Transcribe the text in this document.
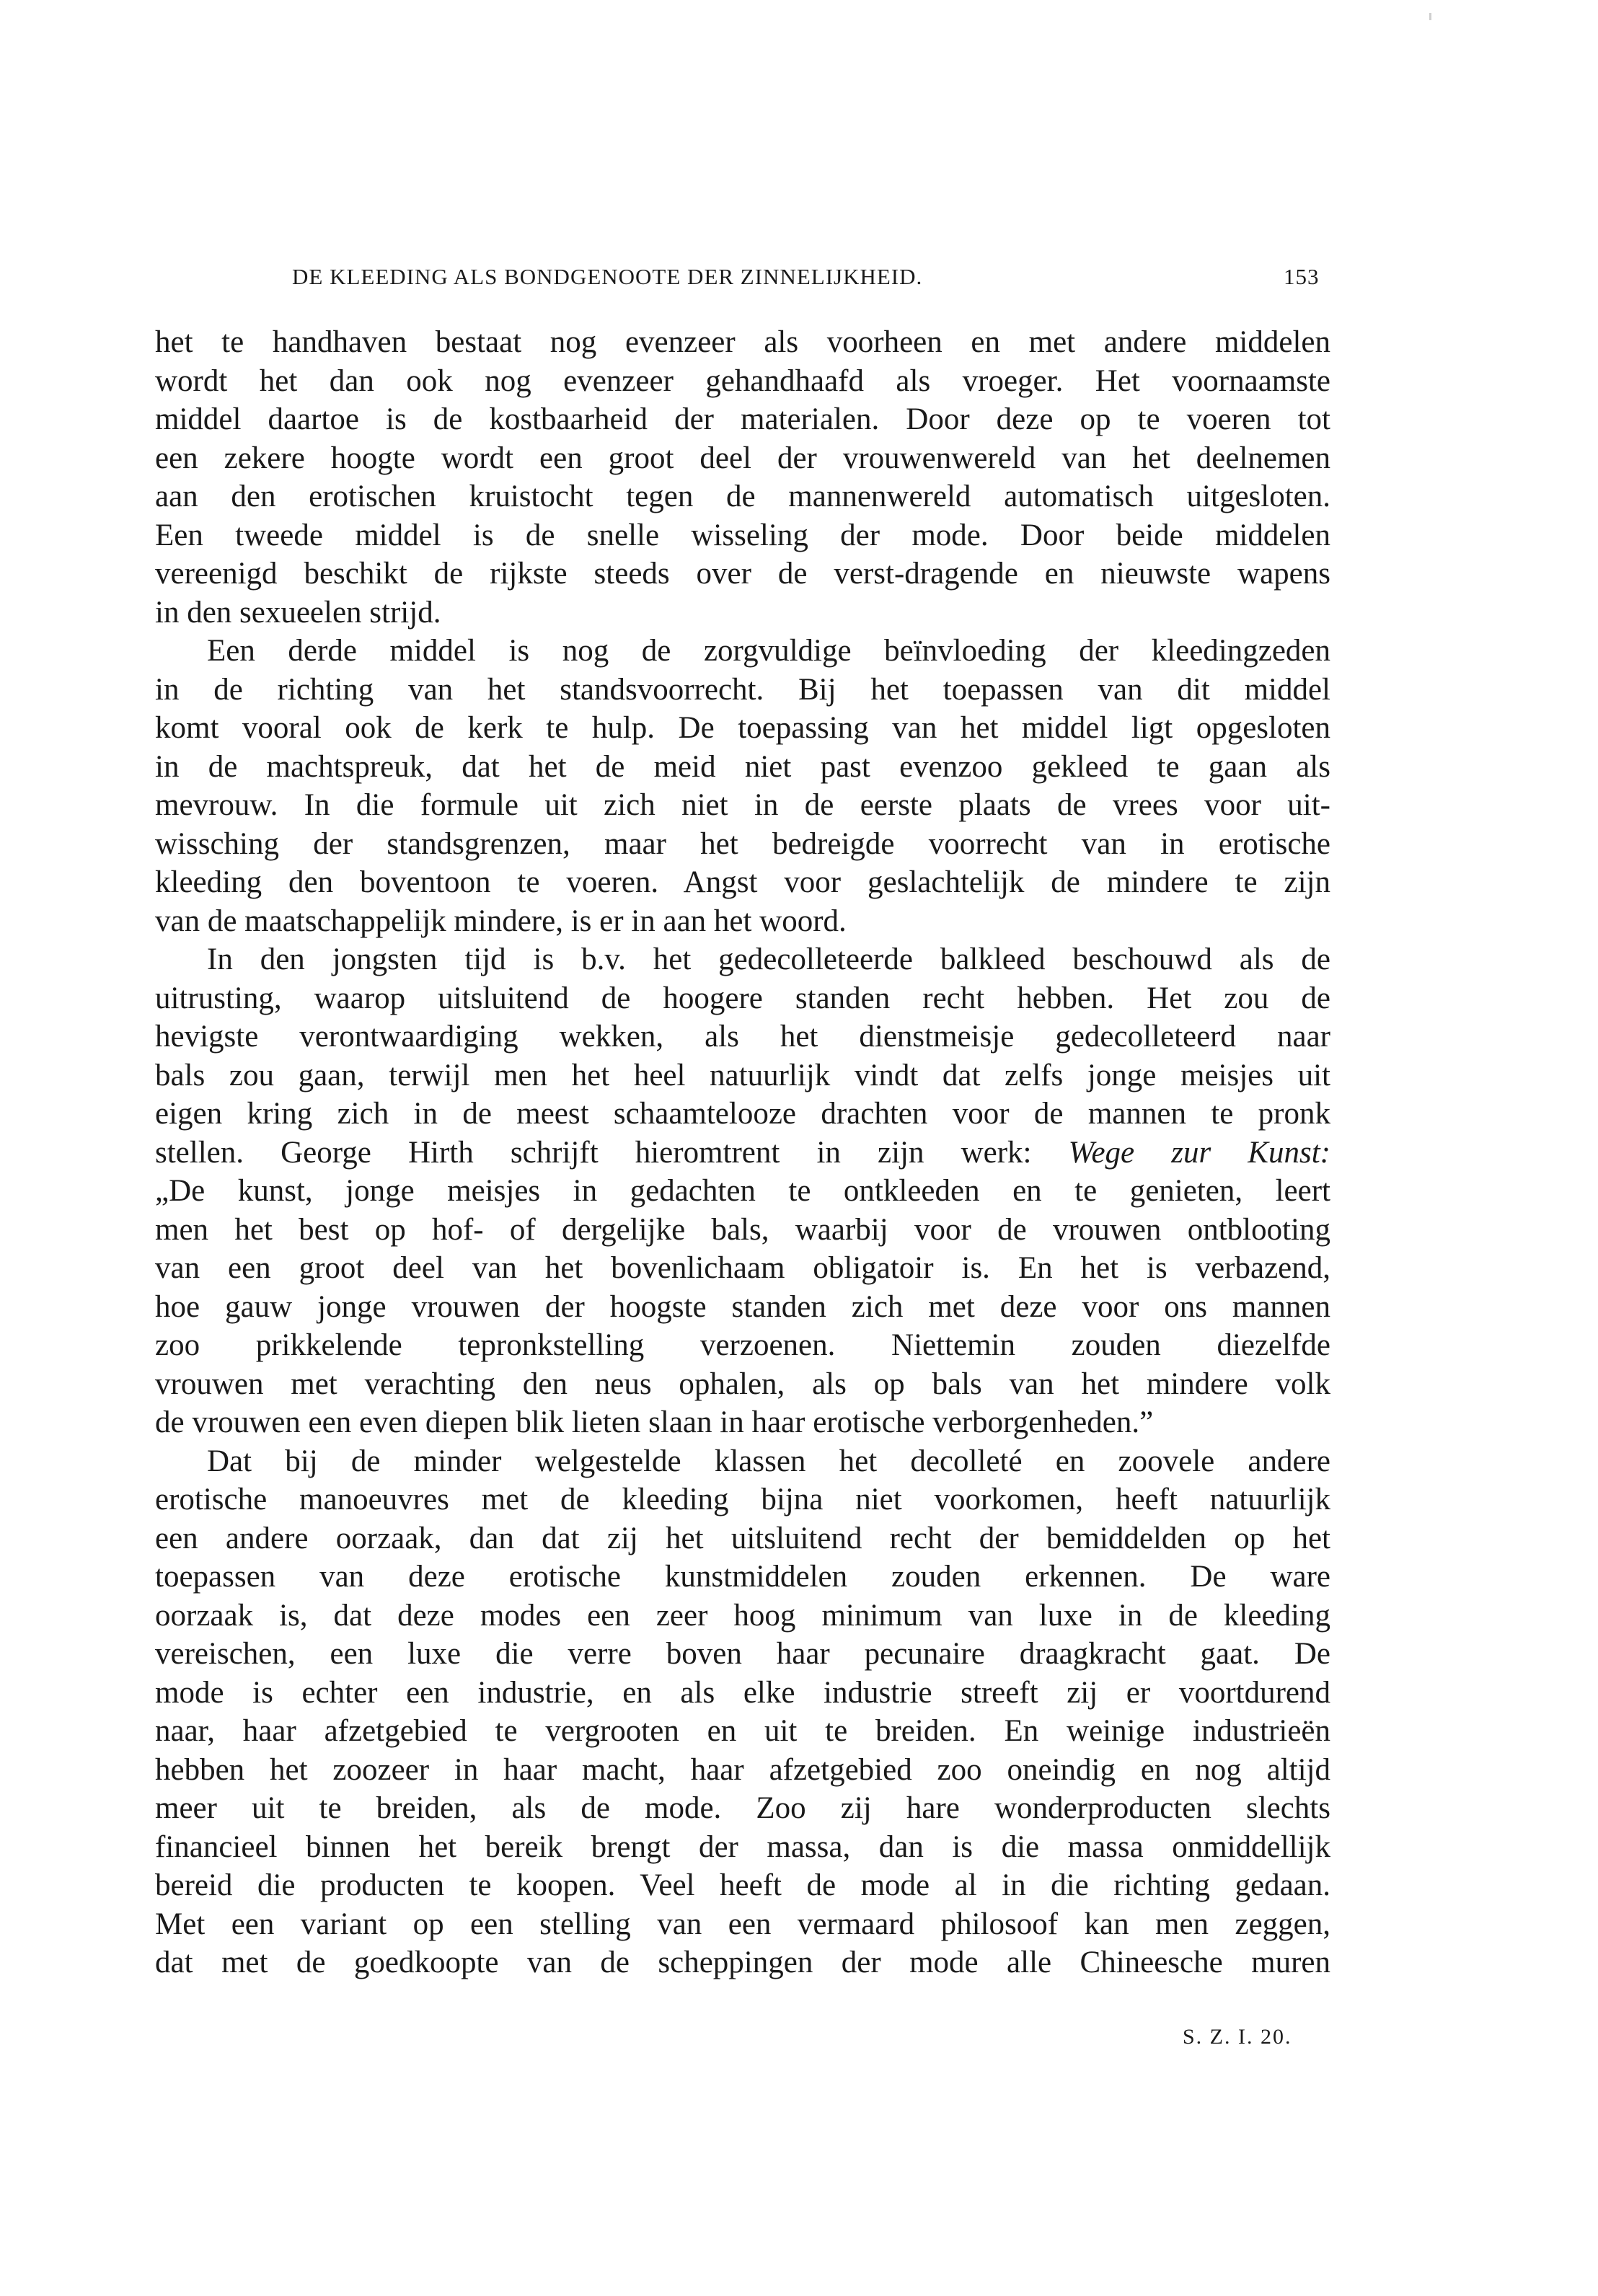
DE KLEEDING ALS BONDGENOOTE DER ZINNELIJKHEID.	153
het te handhaven bestaat nog evenzeer als voorheen en met andere middelen
wordt het dan ook nog evenzeer gehandhaafd als vroeger. Het voornaamste
middel daartoe is de kostbaarheid der materialen. Door deze op te voeren tot
een zekere hoogte wordt een groot deel der vrouwenwereld van het deelnemen
aan den erotischen kruistocht tegen de mannenwereld automatisch uitgesloten.
Een tweede middel is de snelle wisseling der mode. Door beide middelen
vereenigd beschikt de rijkste steeds over de verst-dragende en nieuwste wapens
in den sexueelen strijd.
Een derde middel is nog de zorgvuldige beïnvloeding der kleedingzeden
in de richting van het standsvoorrecht. Bij het toepassen van dit middel
komt vooral ook de kerk te hulp. De toepassing van het middel ligt opgesloten
in de machtspreuk, dat het de meid niet past evenzoo gekleed te gaan als
mevrouw. In die formule uit zich niet in de eerste plaats de vrees voor uit-
wissching der standsgrenzen, maar het bedreigde voorrecht van in erotische
kleeding den boventoon te voeren. Angst voor geslachtelijk de mindere te zijn
van de maatschappelijk mindere, is er in aan het woord.
In den jongsten tijd is b.v. het gedecolleteerde balkleed beschouwd als de
uitrusting, waarop uitsluitend de hoogere standen recht hebben. Het zou de
hevigste verontwaardiging wekken, als het dienstmeisje gedecolleteerd naar
bals zou gaan, terwijl men het heel natuurlijk vindt dat zelfs jonge meisjes uit
eigen kring zich in de meest schaamtelooze drachten voor de mannen te pronk
stellen. George Hirth schrijft hieromtrent in zijn werk: Wege zur Kunst:
„De kunst, jonge meisjes in gedachten te ontkleeden en te genieten, leert
men het best op hof- of dergelijke bals, waarbij voor de vrouwen ontblooting
van een groot deel van het bovenlichaam obligatoir is. En het is verbazend,
hoe gauw jonge vrouwen der hoogste standen zich met deze voor ons mannen
zoo prikkelende tepronkstelling verzoenen. Niettemin zouden diezelfde
vrouwen met verachting den neus ophalen, als op bals van het mindere volk
de vrouwen een even diepen blik lieten slaan in haar erotische verborgenheden.”
Dat bij de minder welgestelde klassen het decolleté en zoovele andere
erotische manoeuvres met de kleeding bijna niet voorkomen, heeft natuurlijk
een andere oorzaak, dan dat zij het uitsluitend recht der bemiddelden op het
toepassen van deze erotische kunstmiddelen zouden erkennen. De ware
oorzaak is, dat deze modes een zeer hoog minimum van luxe in de kleeding
vereischen, een luxe die verre boven haar pecunaire draagkracht gaat. De
mode is echter een industrie, en als elke industrie streeft zij er voortdurend
naar, haar afzetgebied te vergrooten en uit te breiden. En weinige industrieën
hebben het zoozeer in haar macht, haar afzetgebied zoo oneindig en nog altijd
meer uit te breiden, als de mode. Zoo zij hare wonderproducten slechts
financieel binnen het bereik brengt der massa, dan is die massa onmiddellijk
bereid die producten te koopen. Veel heeft de mode al in die richting gedaan.
Met een variant op een stelling van een vermaard philosoof kan men zeggen,
dat met de goedkoopte van de scheppingen der mode alle Chineesche muren
S. Z. I. 20.
